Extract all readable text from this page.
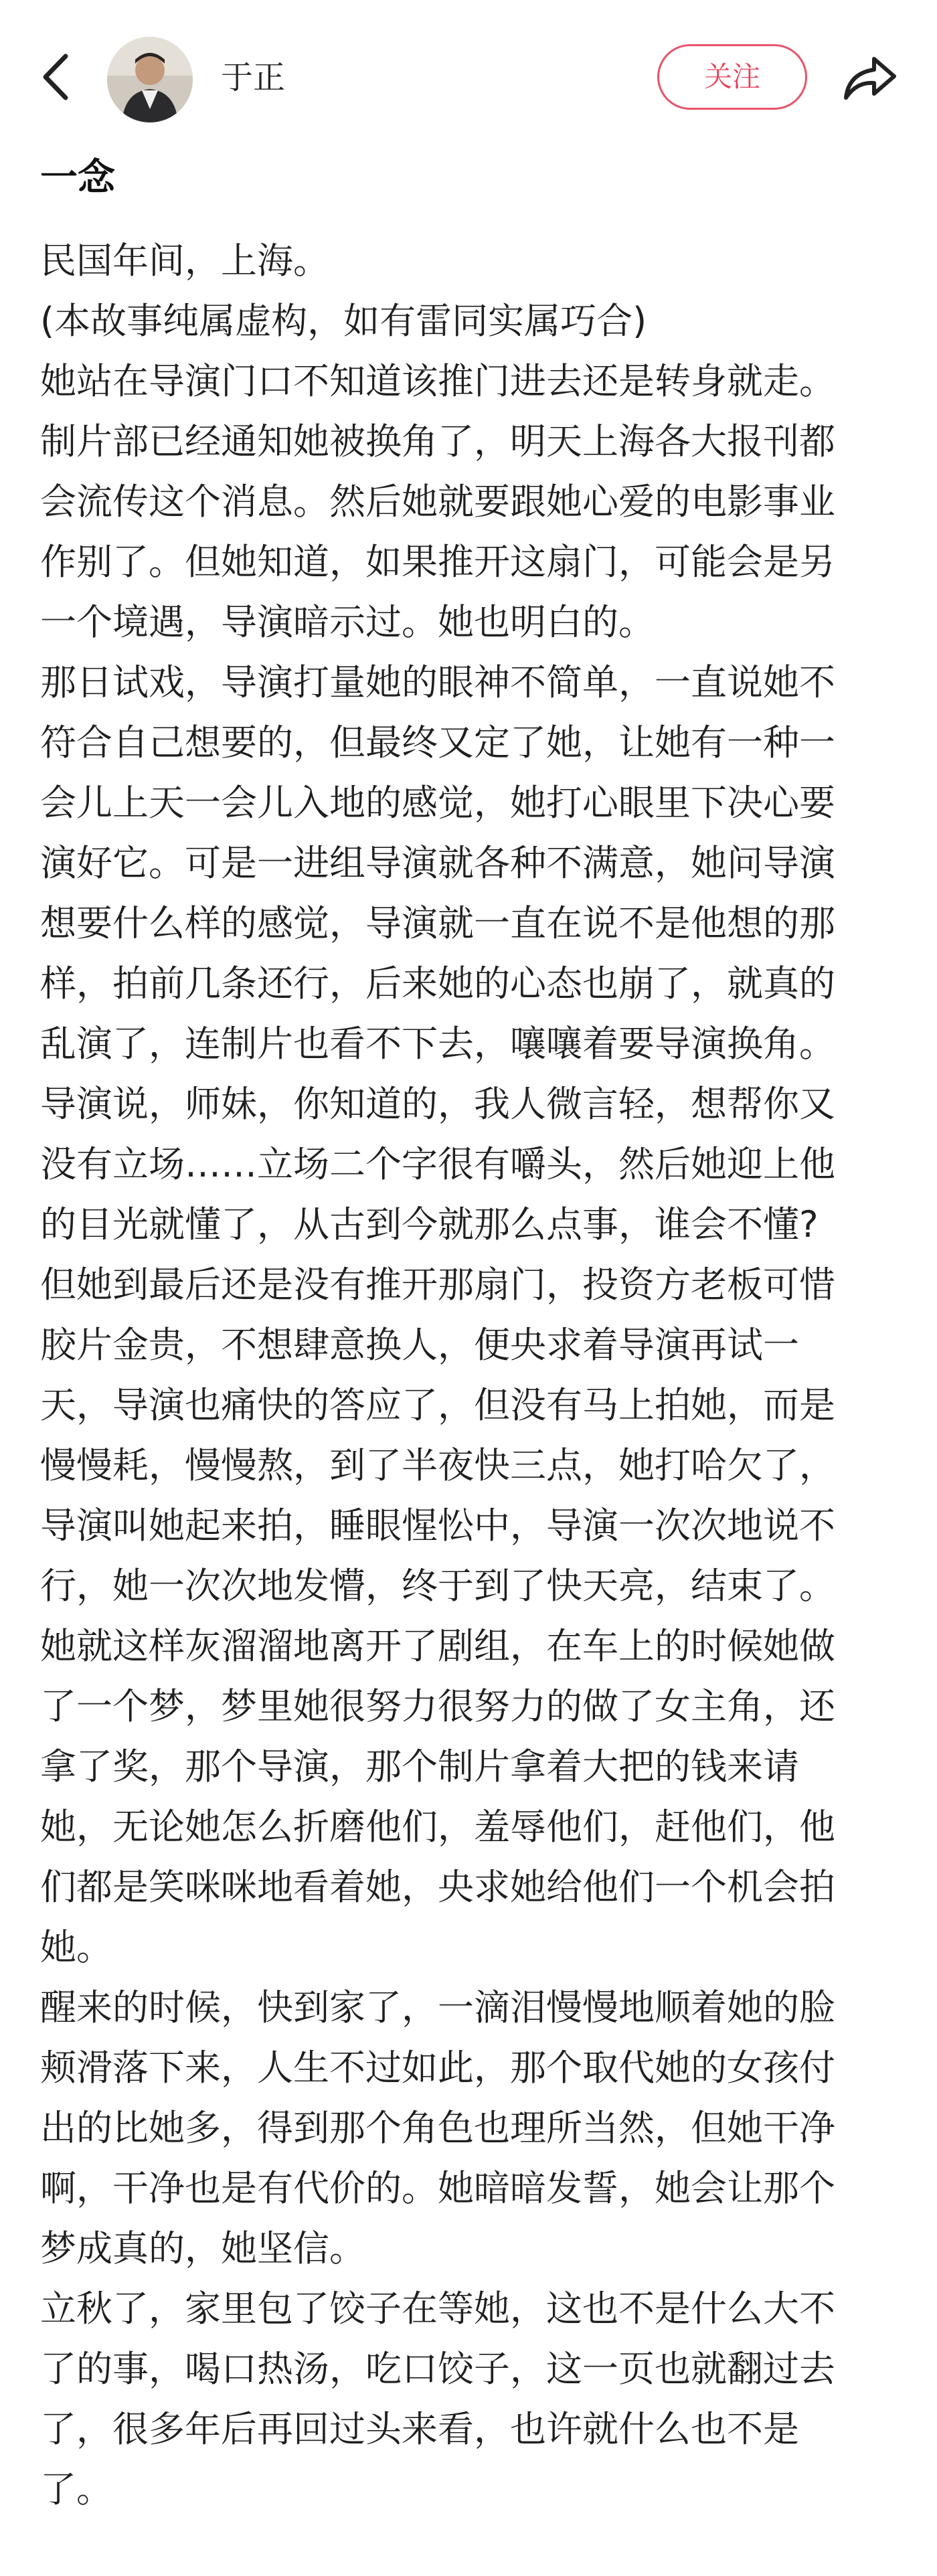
于正	关注
一念

民国年间，上海。

(本故事纯属虚构，如有雷同实属巧合)

她站在导演门口不知道该推门进去还是转身就走。
制片部已经通知她被换角了，明天上海各大报刊都
会流传这个消息。然后她就要跟她心爱的电影事业
作别了。但她知道，如果推开这扇门，可能会是另
一个境遇，导演暗示过。她也明白的。

那日试戏，导演打量她的眼神不简单，一直说她不
符合自己想要的，但最终又定了她，让她有一种一
会儿上天一会儿入地的感觉，她打心眼里下决心要
演好它。可是一进组导演就各种不满意，她问导演
想要什么样的感觉，导演就一直在说不是他想的那
样，拍前几条还行，后来她的心态也崩了，就真的
乱演了，连制片也看不下去，嚷嚷着要导演换角。

导演说，师妹，你知道的，我人微言轻，想帮你又
没有立场……立场二个字很有嚼头，然后她迎上他
的目光就懂了，从古到今就那么点事，谁会不懂?

但她到最后还是没有推开那扇门，投资方老板可惜
胶片金贵，不想肆意换人，便央求着导演再试一
天，导演也痛快的答应了，但没有马上拍她，而是
慢慢耗，慢慢熬，到了半夜快三点，她打哈欠了，
导演叫她起来拍，睡眼惺忪中，导演一次次地说不
行，她一次次地发懵，终于到了快天亮，结束了。

她就这样灰溜溜地离开了剧组，在车上的时候她做
了一个梦，梦里她很努力很努力的做了女主角，还
拿了奖，那个导演，那个制片拿着大把的钱来请
她，无论她怎么折磨他们，羞辱他们，赶他们，他
们都是笑咪咪地看着她，央求她给他们一个机会拍
她。

醒来的时候，快到家了，一滴泪慢慢地顺着她的脸
颊滑落下来，人生不过如此，那个取代她的女孩付
出的比她多，得到那个角色也理所当然，但她干净
啊，干净也是有代价的。她暗暗发誓，她会让那个
梦成真的，她坚信。

立秋了，家里包了饺子在等她，这也不是什么大不
了的事，喝口热汤，吃口饺子，这一页也就翻过去
了，很多年后再回过头来看，也许就什么也不是
了。
